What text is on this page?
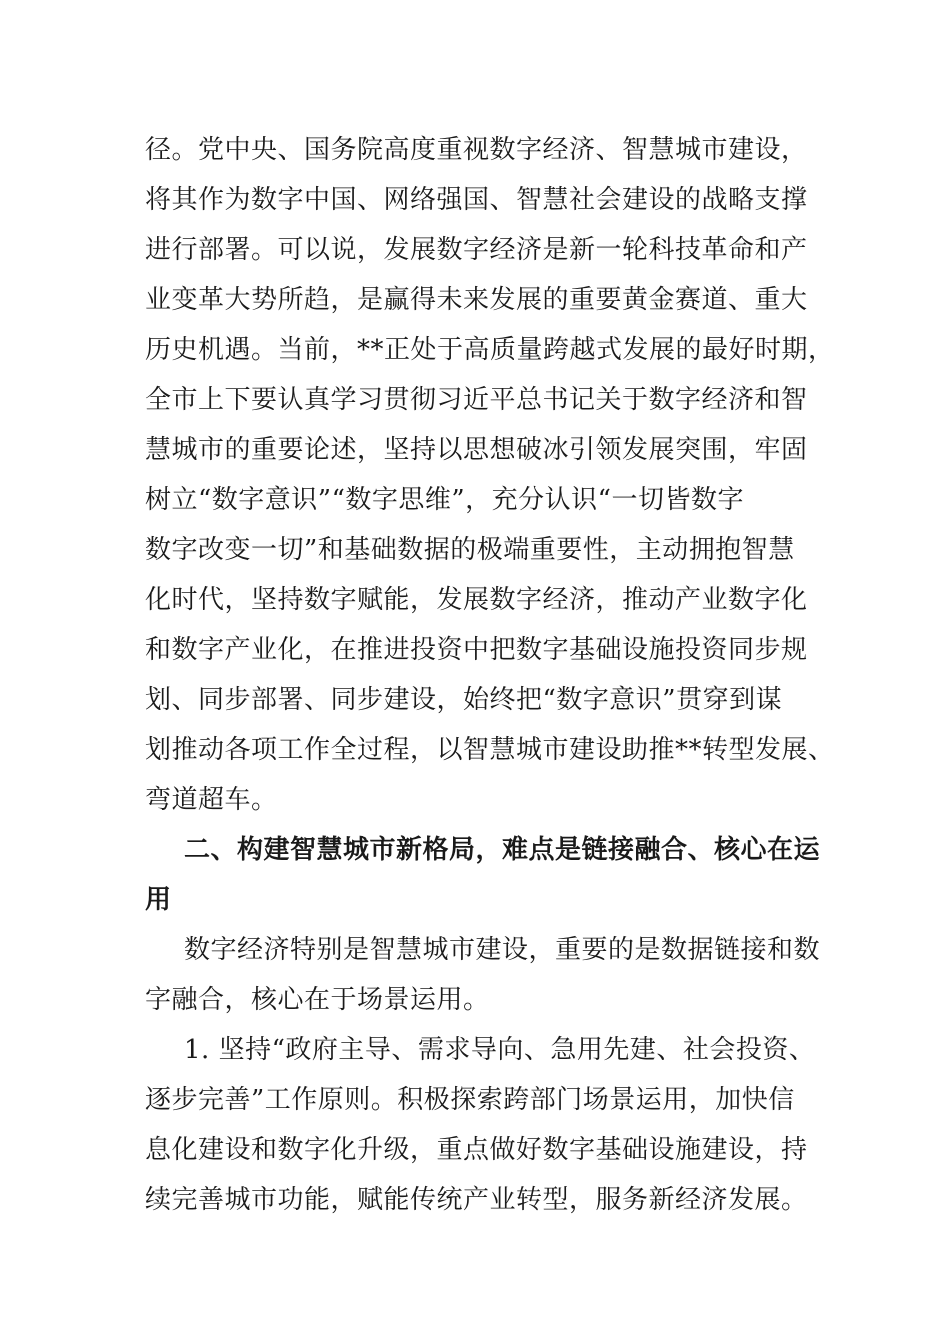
径。党中央、国务院高度重视数字经济、智慧城市建设，
将其作为数字中国、网络强国、智慧社会建设的战略支撑
进行部署。可以说，发展数字经济是新一轮科技革命和产
业变革大势所趋，是赢得未来发展的重要黄金赛道、重大
历史机遇。当前，**正处于高质量跨越式发展的最好时期，
全市上下要认真学习贯彻习近平总书记关于数字经济和智
慧城市的重要论述，坚持以思想破冰引领发展突围，牢固
树立“数字意识”“数字思维”，充分认识“一切皆数字
数字改变一切”和基础数据的极端重要性，主动拥抱智慧
化时代，坚持数字赋能，发展数字经济，推动产业数字化
和数字产业化，在推进投资中把数字基础设施投资同步规
划、同步部署、同步建设，始终把“数字意识”贯穿到谋
划推动各项工作全过程，以智慧城市建设助推**转型发展、
弯道超车。
二、构建智慧城市新格局，难点是链接融合、核心在运
用
数字经济特别是智慧城市建设，重要的是数据链接和数
字融合，核心在于场景运用。
1. 坚持“政府主导、需求导向、急用先建、社会投资、
逐步完善”工作原则。积极探索跨部门场景运用，加快信
息化建设和数字化升级，重点做好数字基础设施建设，持
续完善城市功能，赋能传统产业转型，服务新经济发展。
